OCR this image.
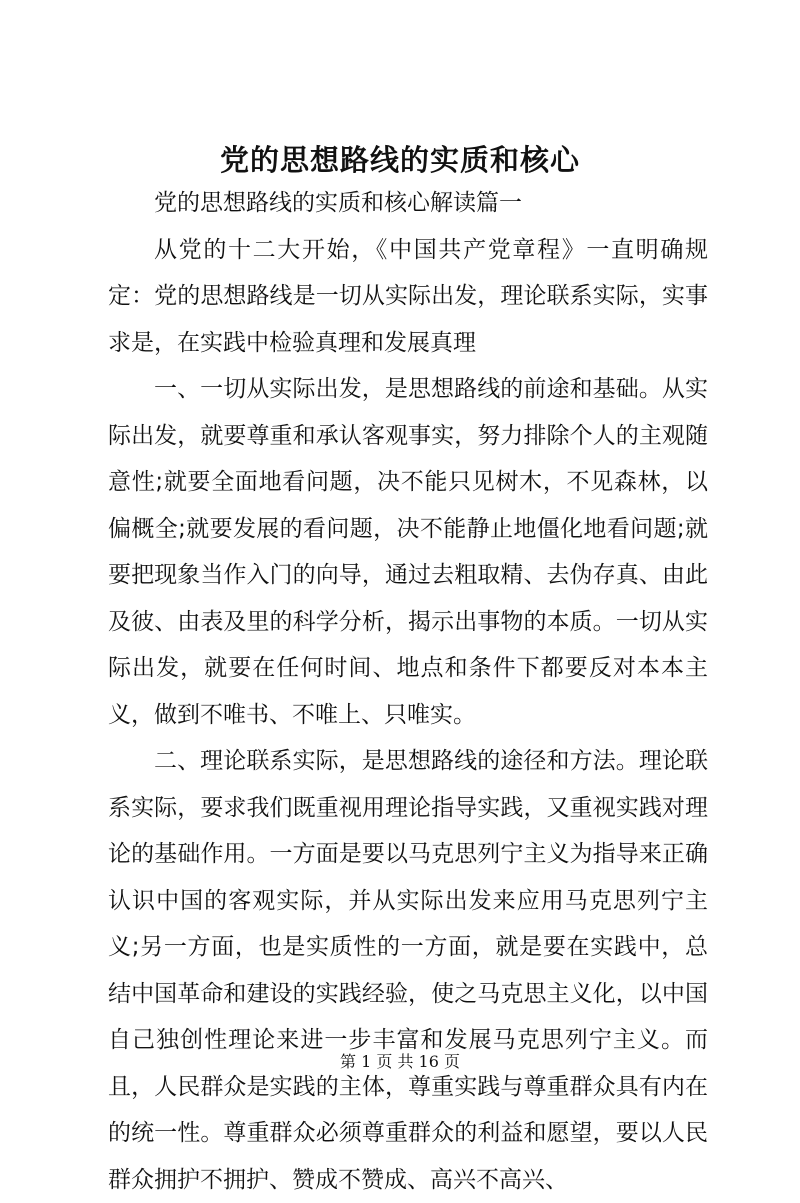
党的思想路线的实质和核心

党的思想路线的实质和核心解读篇一

从党的十二大开始，《中国共产党章程》一直明确规定：党的思想路线是一切从实际出发，理论联系实际，实事求是，在实践中检验真理和发展真理

一、一切从实际出发，是思想路线的前途和基础。从实际出发，就要尊重和承认客观事实，努力排除个人的主观随意性;就要全面地看问题，决不能只见树木，不见森林，以偏概全;就要发展的看问题，决不能静止地僵化地看问题;就要把现象当作入门的向导，通过去粗取精、去伪存真、由此及彼、由表及里的科学分析，揭示出事物的本质。一切从实际出发，就要在任何时间、地点和条件下都要反对本本主义，做到不唯书、不唯上、只唯实。

二、理论联系实际，是思想路线的途径和方法。理论联系实际，要求我们既重视用理论指导实践，又重视实践对理论的基础作用。一方面是要以马克思列宁主义为指导来正确认识中国的客观实际，并从实际出发来应用马克思列宁主义;另一方面，也是实质性的一方面，就是要在实践中，总结中国革命和建设的实践经验，使之马克思主义化，以中国自己独创性理论来进一步丰富和发展马克思列宁主义。而且，人民群众是实践的主体，尊重实践与尊重群众具有内在的统一性。尊重群众必须尊重群众的利益和愿望，要以人民群众拥护不拥护、赞成不赞成、高兴不高兴、

第 1 页 共 16 页
